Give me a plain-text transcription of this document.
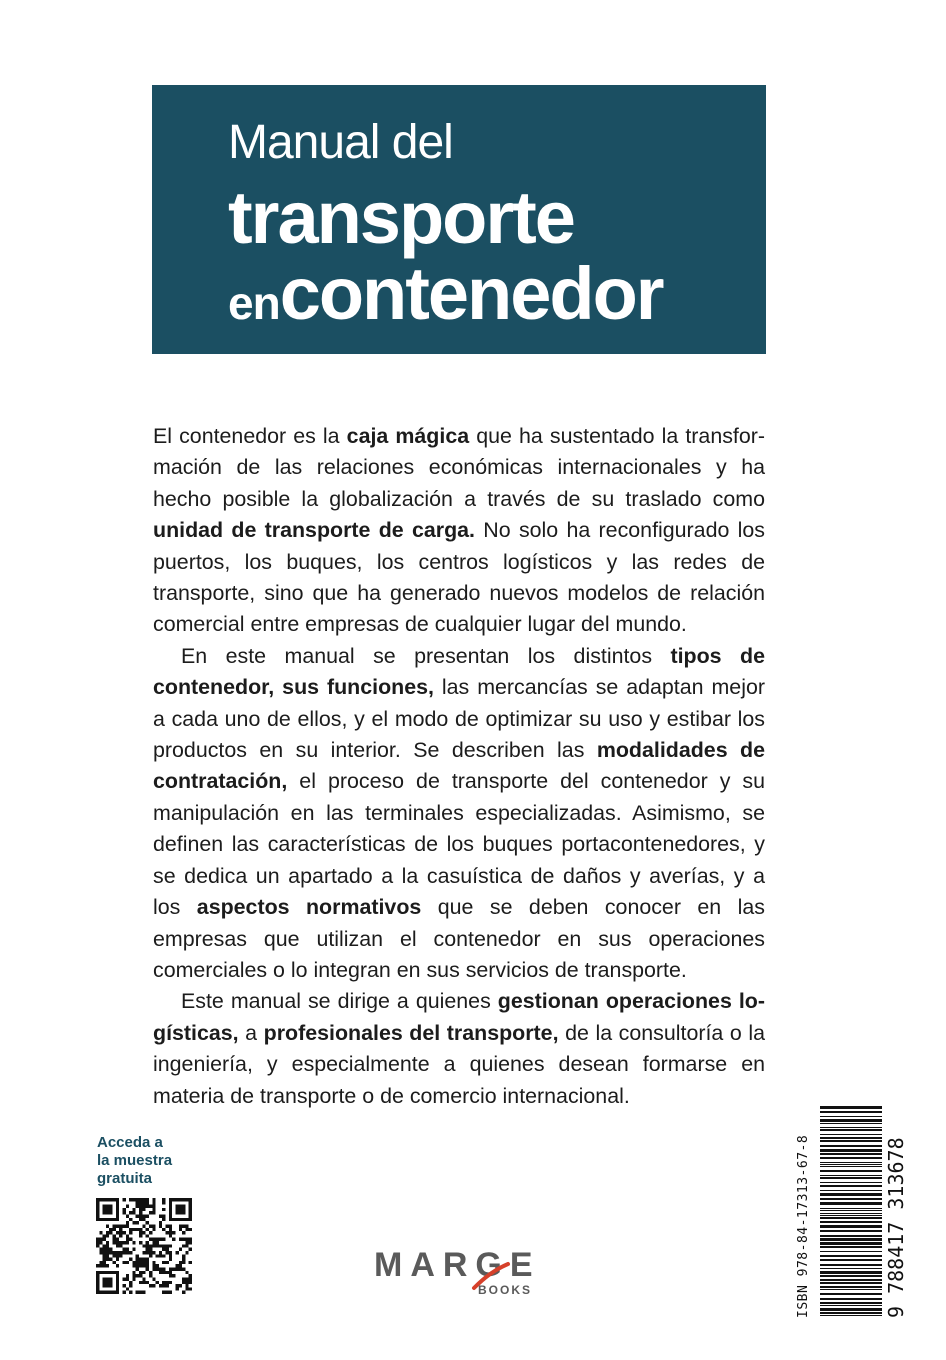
Manual del
transporte
encontenedor

El contenedor es la caja mágica que ha sustentado la transformación de las relaciones económicas internacionales y ha hecho posible la globalización a través de su traslado como unidad de transporte de carga. No solo ha reconfigurado los puertos, los buques, los centros logísticos y las redes de transporte, sino que ha generado nuevos modelos de relación comercial entre empresas de cualquier lugar del mundo.

En este manual se presentan los distintos tipos de contenedor, sus funciones, las mercancías se adaptan mejor a cada uno de ellos, y el modo de optimizar su uso y estibar los productos en su interior. Se describen las modalidades de contratación, el proceso de transporte del contenedor y su manipulación en las terminales especializadas. Asimismo, se definen las características de los buques portacontenedores, y se dedica un apartado a la casuística de daños y averías, y a los aspectos normativos que se deben conocer en las empresas que utilizan el contenedor en sus operaciones comerciales o lo integran en sus servicios de transporte.

Este manual se dirige a quienes gestionan operaciones logísticas, a profesionales del transporte, de la consultoría o la ingeniería, y especialmente a quienes desean formarse en materia de transporte o de comercio internacional.

Acceda a
la muestra
gratuita
MARGE
BOOKS	ISBN 978-84-17313-67-8	9 788417 313678
